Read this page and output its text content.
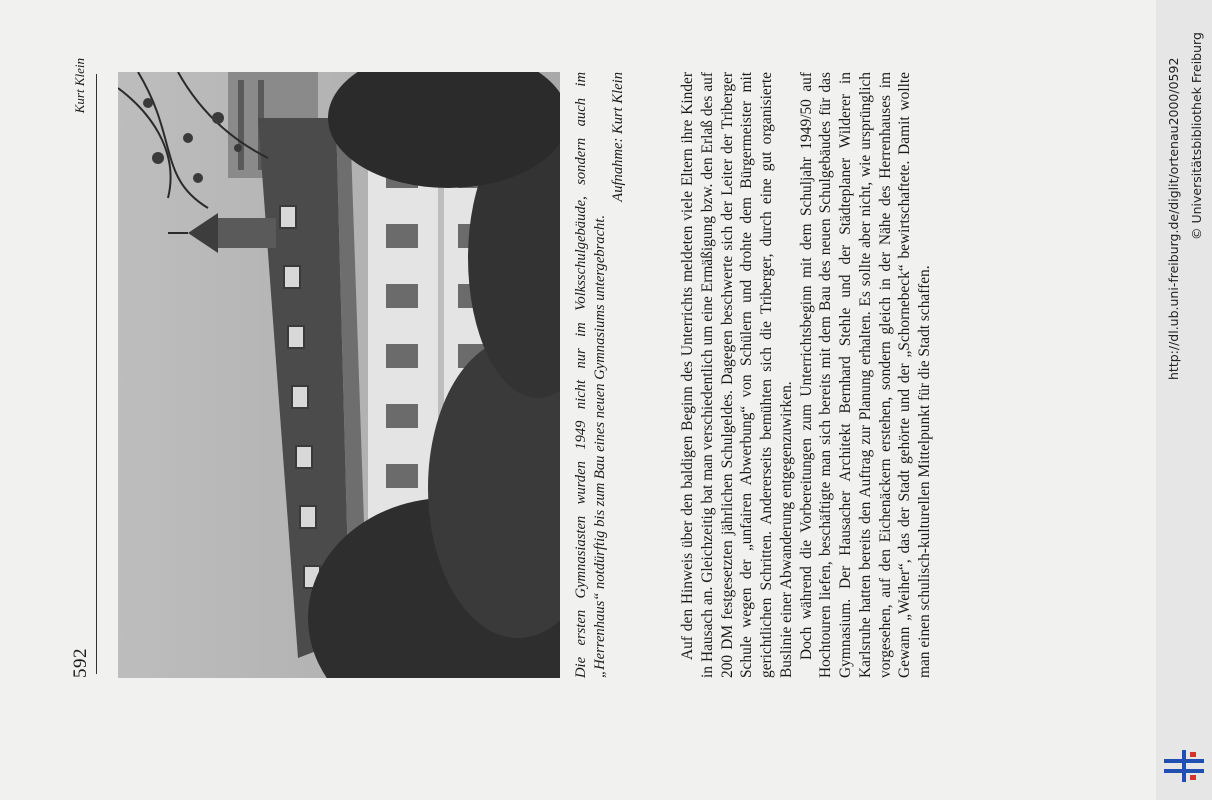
592
Kurt Klein	Die ersten Gymnasiasten wurden 1949 nicht nur im Volksschulgebäude, sondern auch im „Herrenhaus“ notdürftig bis zum Bau eines neuen Gymnasiums untergebracht.
Aufnahme: Kurt Klein	Auf den Hinweis über den baldigen Beginn des Unterrichts meldeten viele Eltern ihre Kinder in Hausach an. Gleichzeitig bat man verschiedentlich um eine Ermäßigung bzw. den Erlaß des auf 200 DM festgesetzten jährlichen Schulgeldes. Dagegen beschwerte sich der Leiter der Triberger Schule wegen der „unfairen Abwerbung“ von Schülern und drohte dem Bürgermeister mit gerichtlichen Schritten. Andererseits bemühten sich die Triberger, durch eine gut organisierte Buslinie einer Abwanderung entgegenzuwirken. Doch während die Vorbereitungen zum Unterrichtsbeginn mit dem Schuljahr 1949/50 auf Hochtouren liefen, beschäftigte man sich bereits mit dem Bau des neuen Schulgebäudes für das Gymnasium. Der Hausacher Architekt Bernhard Stehle und der Städteplaner Wilderer in Karlsruhe hatten bereits den Auftrag zur Planung erhalten. Es sollte aber nicht, wie ursprünglich vorgesehen, auf den Eichenäckern erstehen, sondern gleich in der Nähe des Herrenhauses im Gewann „Weiher“, das der Stadt gehörte und der „Schornebeck“ bewirtschaftete. Damit wollte man einen schulisch-kulturellen Mittelpunkt für die Stadt schaffen.

http://dl.ub.uni-freiburg.de/diglit/ortenau2000/0592 © Universitätsbibliothek Freiburg
